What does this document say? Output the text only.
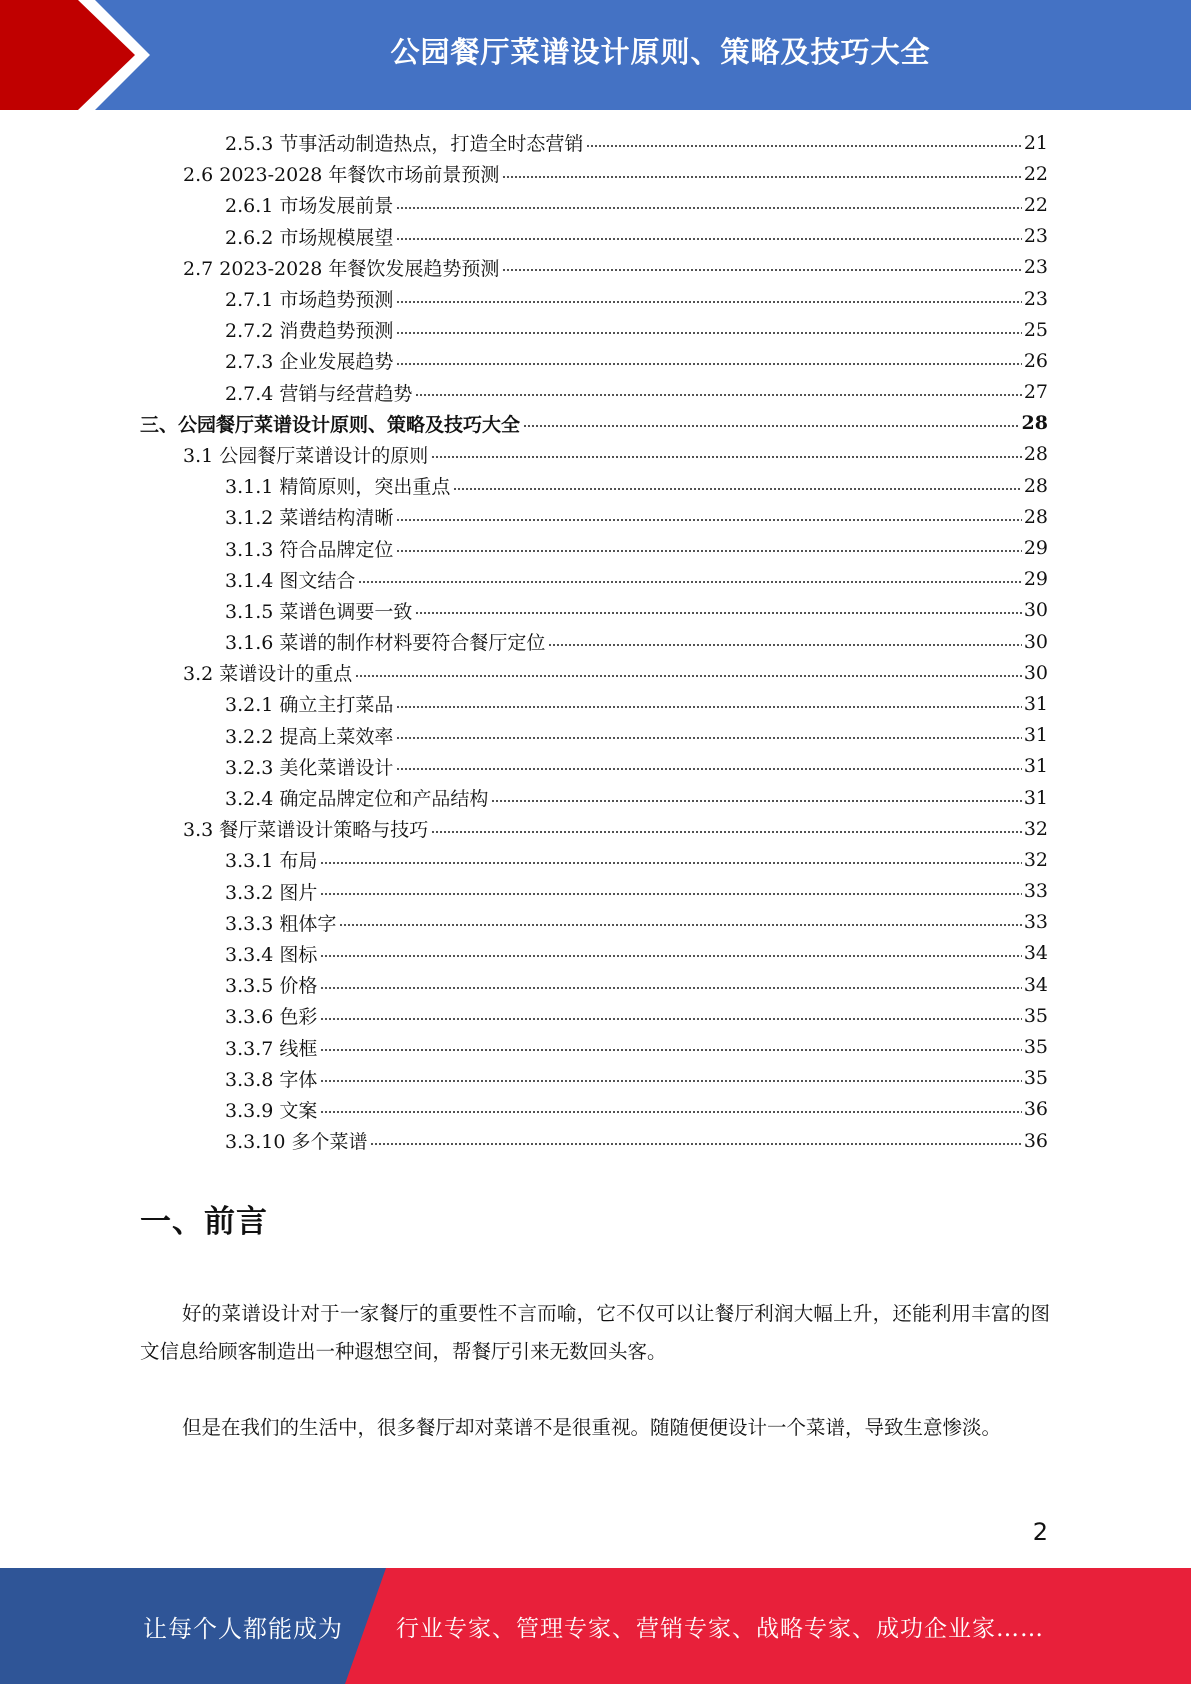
公园餐厅菜谱设计原则、策略及技巧大全
2.5.3 节事活动制造热点，打造全时态营销	21
2.6 2023-2028 年餐饮市场前景预测	22
2.6.1 市场发展前景	22
2.6.2 市场规模展望	23
2.7 2023-2028 年餐饮发展趋势预测	23
2.7.1 市场趋势预测	23
2.7.2 消费趋势预测	25
2.7.3 企业发展趋势	26
2.7.4 营销与经营趋势	27
三、公园餐厅菜谱设计原则、策略及技巧大全	28
3.1 公园餐厅菜谱设计的原则	28
3.1.1 精简原则，突出重点	28
3.1.2 菜谱结构清晰	28
3.1.3 符合品牌定位	29
3.1.4 图文结合	29
3.1.5 菜谱色调要一致	30
3.1.6 菜谱的制作材料要符合餐厅定位	30
3.2 菜谱设计的重点	30
3.2.1 确立主打菜品	31
3.2.2 提高上菜效率	31
3.2.3 美化菜谱设计	31
3.2.4 确定品牌定位和产品结构	31
3.3 餐厅菜谱设计策略与技巧	32
3.3.1 布局	32
3.3.2 图片	33
3.3.3 粗体字	33
3.3.4 图标	34
3.3.5 价格	34
3.3.6 色彩	35
3.3.7 线框	35
3.3.8 字体	35
3.3.9 文案	36
3.3.10 多个菜谱	36
一、前言

好的菜谱设计对于一家餐厅的重要性不言而喻，它不仅可以让餐厅利润大幅上升，还能利用丰富的图文信息给顾客制造出一种遐想空间，帮餐厅引来无数回头客。

但是在我们的生活中，很多餐厅却对菜谱不是很重视。随随便便设计一个菜谱，导致生意惨淡。

2
让每个人都能成为 行业专家、管理专家、营销专家、战略专家、成功企业家……
